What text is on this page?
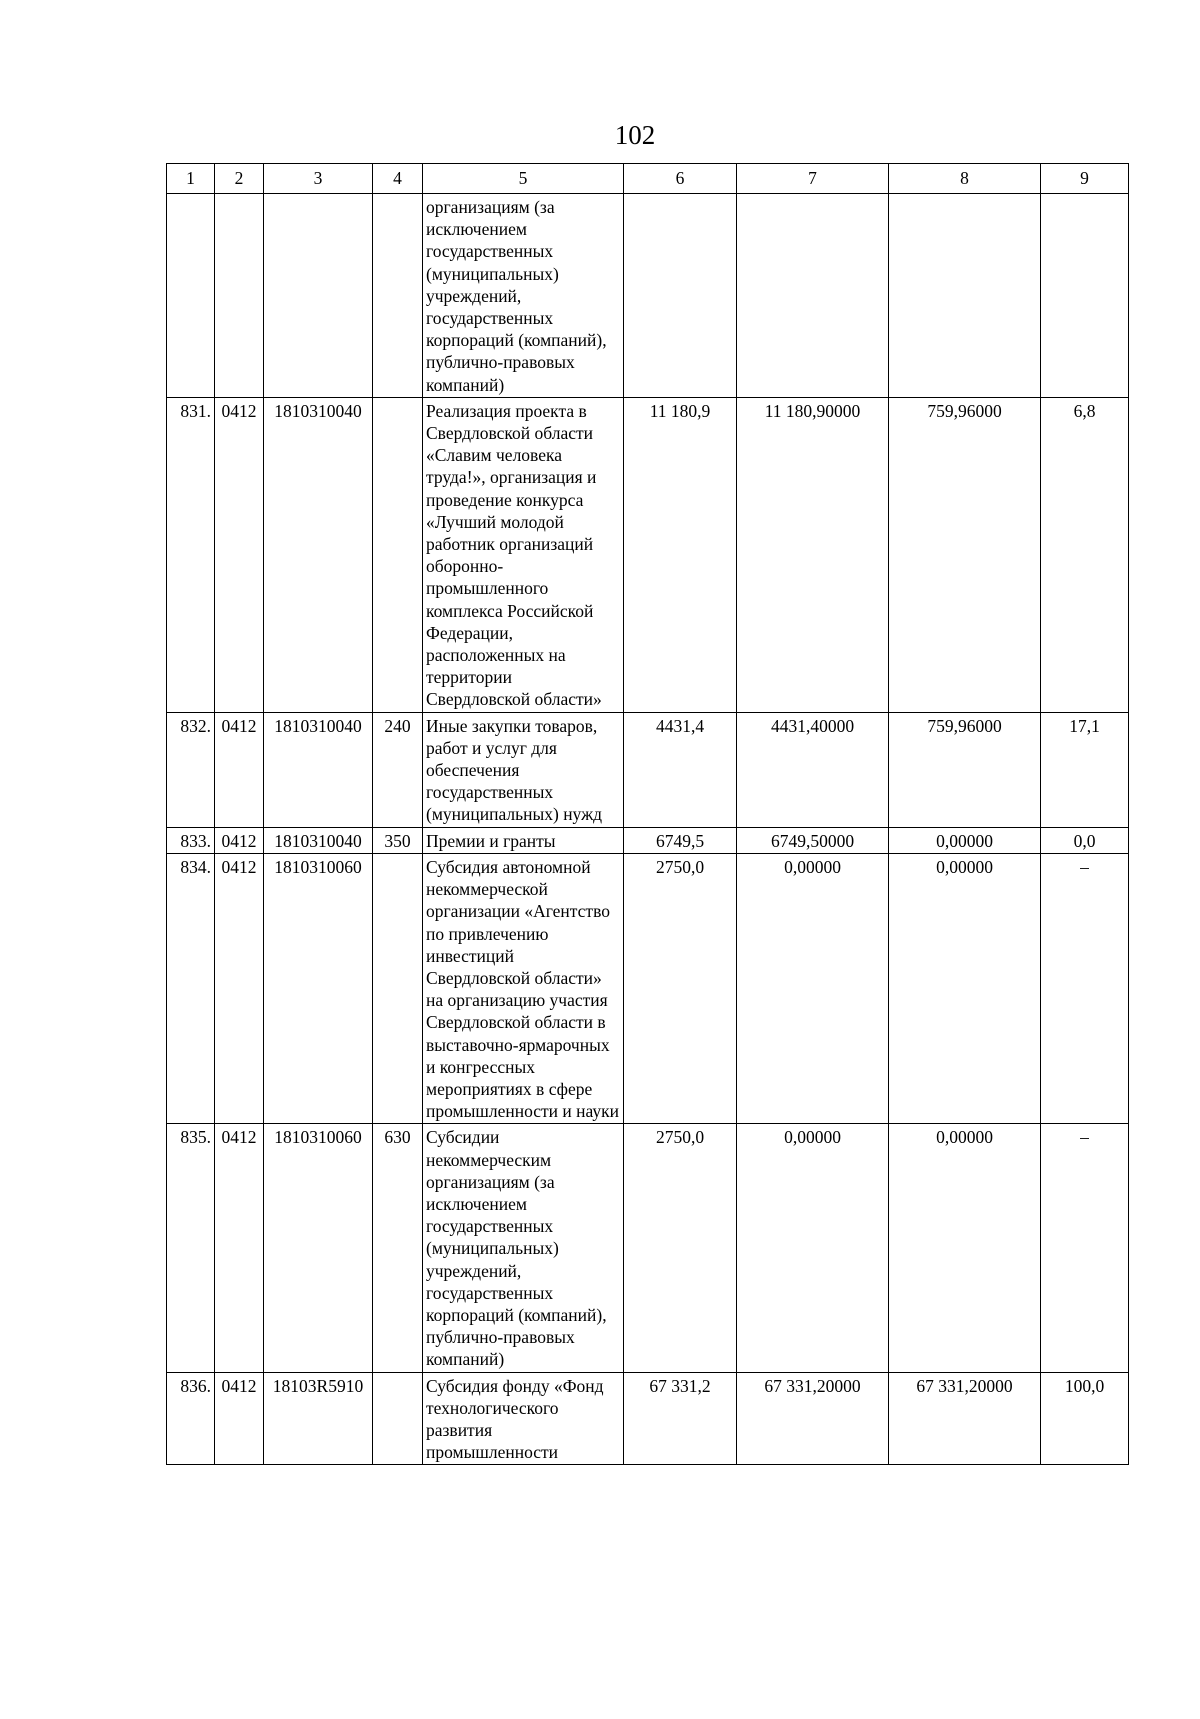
102
1	2	3	4	5	6	7	8	9
				организациям (за исключением государственных (муниципальных) учреждений, государственных корпораций (компаний), публично-правовых компаний)				
831.	0412	1810310040		Реализация проекта в Свердловской области «Славим человека труда!», организация и проведение конкурса «Лучший молодой работник организаций оборонно-промышленного комплекса Российской Федерации, расположенных на территории Свердловской области»	11 180,9	11 180,90000	759,96000	6,8
832.	0412	1810310040	240	Иные закупки товаров, работ и услуг для обеспечения государственных (муниципальных) нужд	4431,4	4431,40000	759,96000	17,1
833.	0412	1810310040	350	Премии и гранты	6749,5	6749,50000	0,00000	0,0
834.	0412	1810310060		Субсидия автономной некоммерческой организации «Агентство по привлечению инвестиций Свердловской области» на организацию участия Свердловской области в выставочно-ярмарочных и конгрессных мероприятиях в сфере промышленности и науки	2750,0	0,00000	0,00000	–
835.	0412	1810310060	630	Субсидии некоммерческим организациям (за исключением государственных (муниципальных) учреждений, государственных корпораций (компаний), публично-правовых компаний)	2750,0	0,00000	0,00000	–
836.	0412	18103R5910		Субсидия фонду «Фонд технологического развития промышленности	67 331,2	67 331,20000	67 331,20000	100,0
